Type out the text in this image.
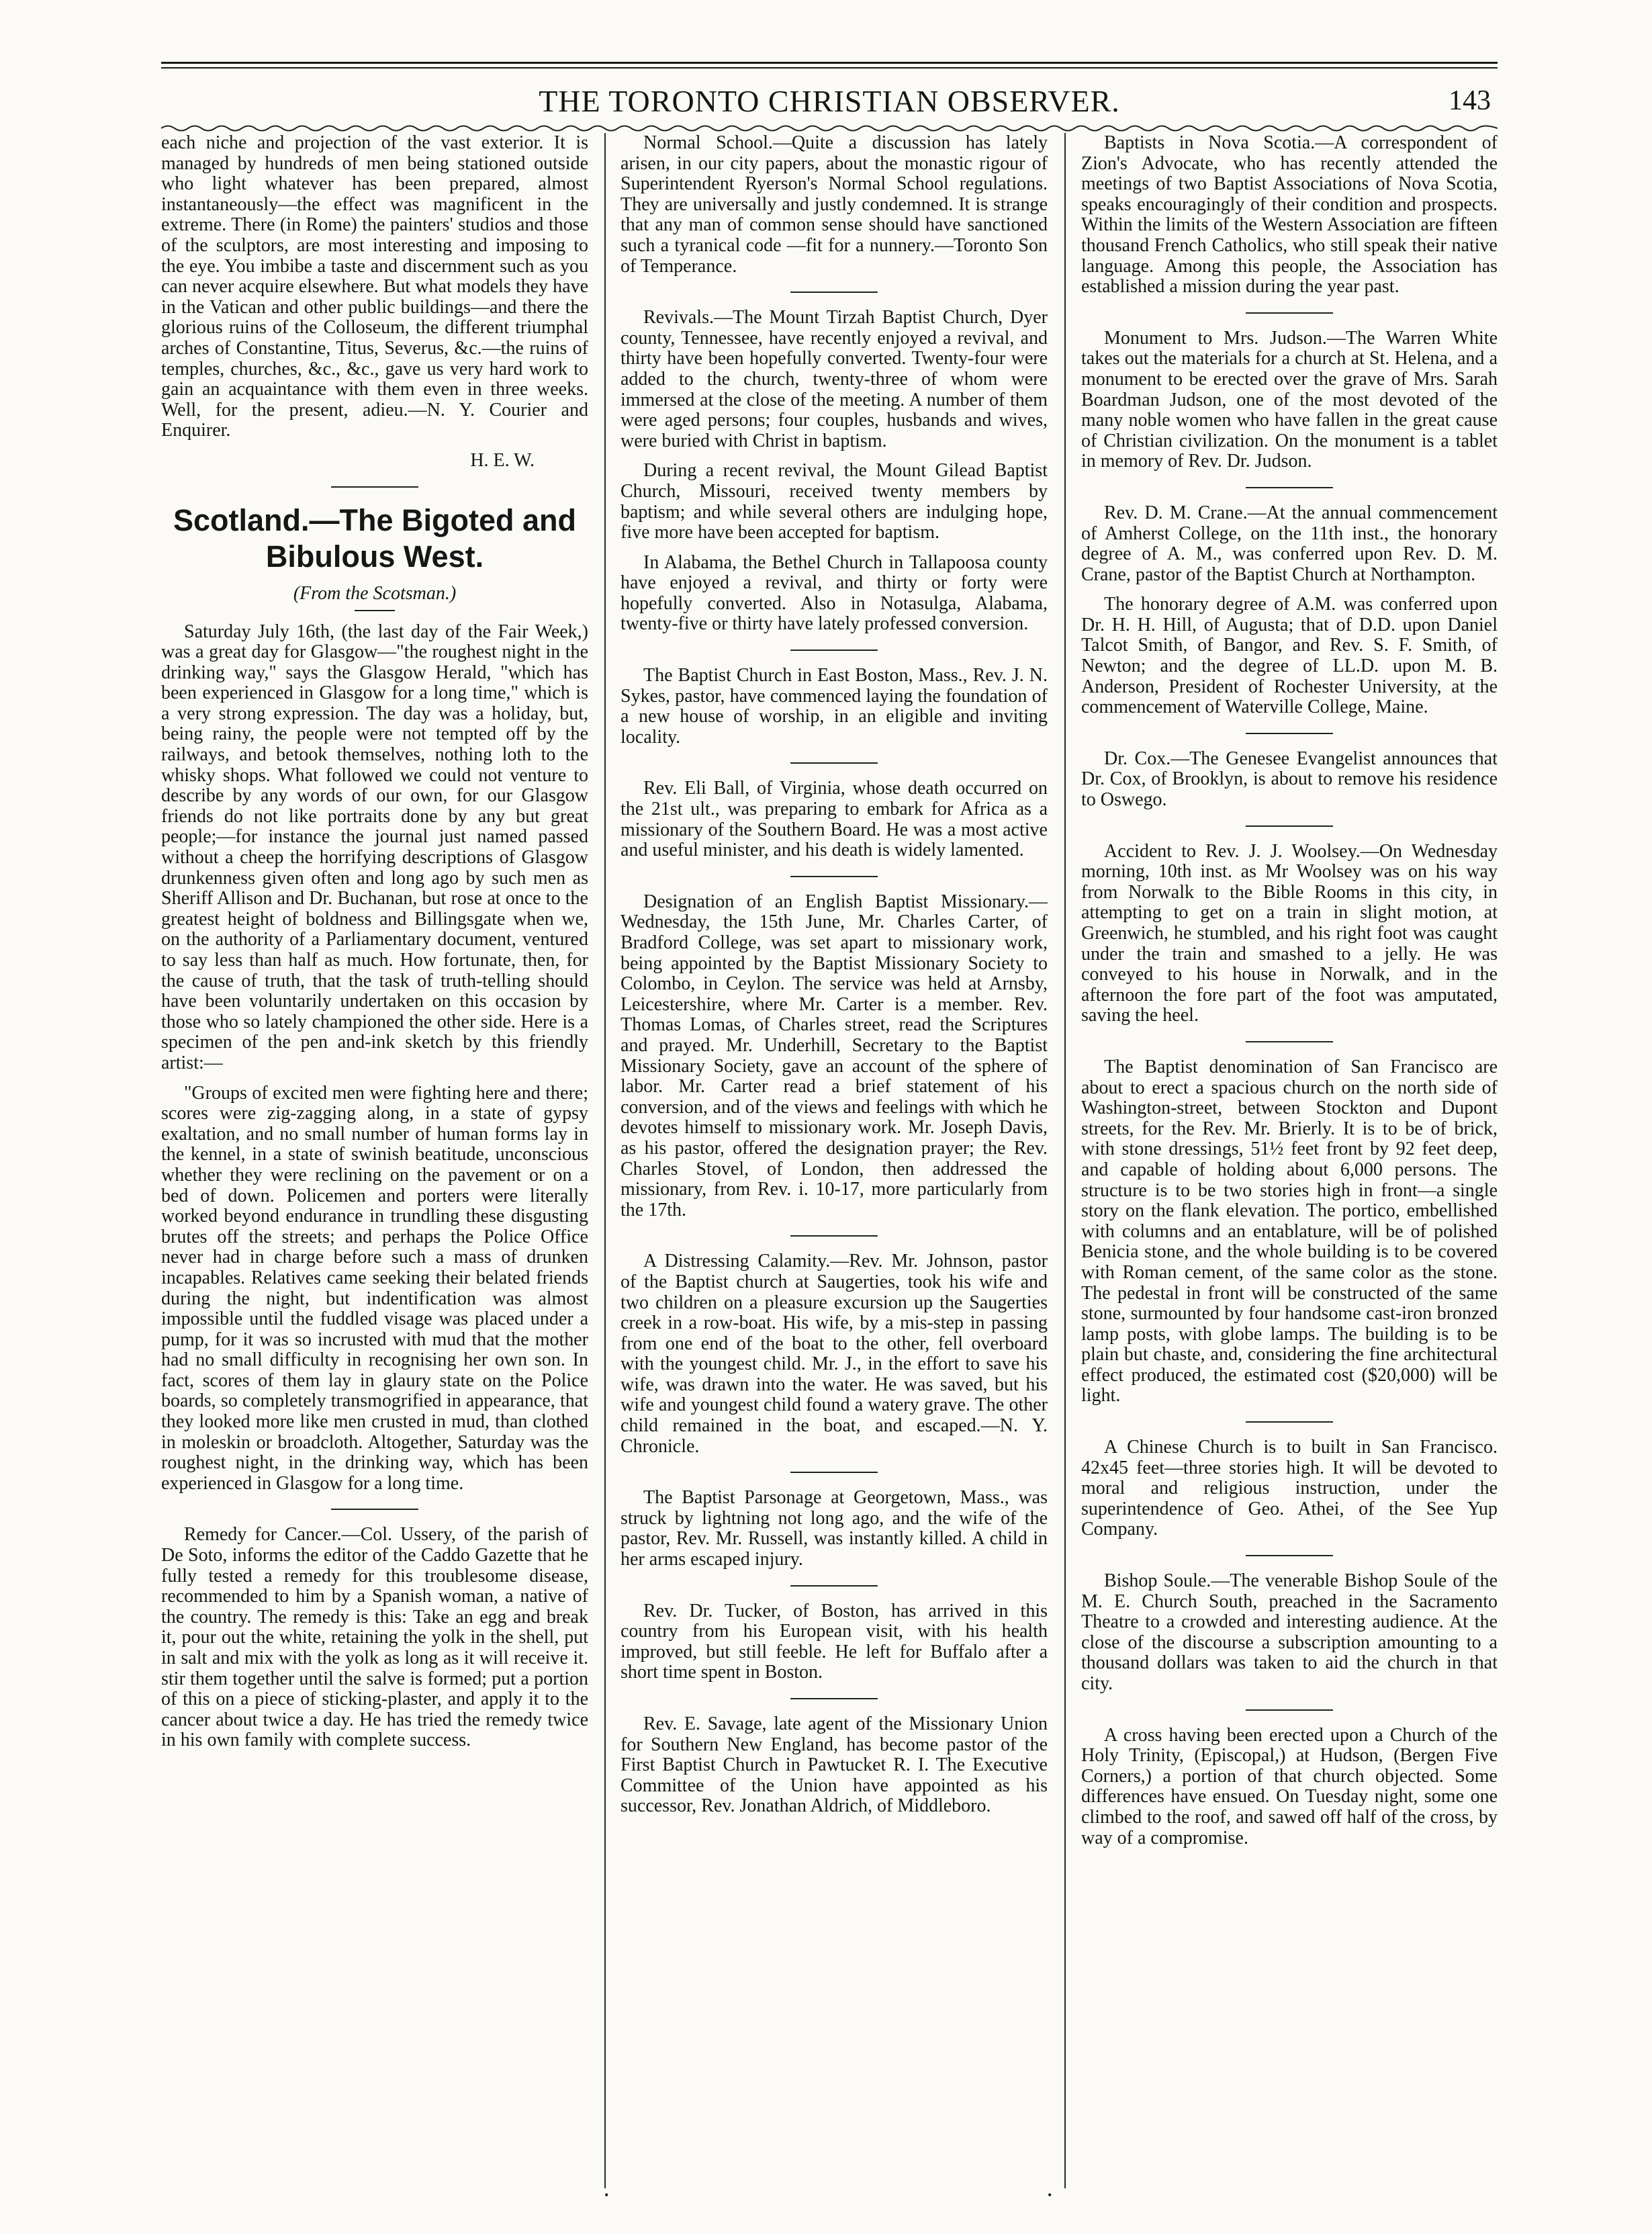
THE TORONTO CHRISTIAN OBSERVER.	143

each niche and projection of the vast exterior. It is managed by hundreds of men being stationed outside who light whatever has been prepared, almost instantaneously—the effect was magnificent in the extreme. There (in Rome) the painters' studios and those of the sculptors, are most interesting and imposing to the eye. You imbibe a taste and discernment such as you can never acquire elsewhere. But what models they have in the Vatican and other public buildings—and there the glorious ruins of the Colloseum, the different triumphal arches of Constantine, Titus, Severus, &c.—the ruins of temples, churches, &c., &c., gave us very hard work to gain an acquaintance with them even in three weeks. Well, for the present, adieu.—N. Y. Courier and Enquirer.

H. E. W.

Scotland.—The Bigoted and Bibulous West.
(From the Scotsman.)

Saturday July 16th, (the last day of the Fair Week,) was a great day for Glasgow—"the roughest night in the drinking way," says the Glasgow Herald, "which has been experienced in Glasgow for a long time," which is a very strong expression. The day was a holiday, but, being rainy, the people were not tempted off by the railways, and betook themselves, nothing loth to the whisky shops. What followed we could not venture to describe by any words of our own, for our Glasgow friends do not like portraits done by any but great people;—for instance the journal just named passed without a cheep the horrifying descriptions of Glasgow drunkenness given often and long ago by such men as Sheriff Allison and Dr. Buchanan, but rose at once to the greatest height of boldness and Billingsgate when we, on the authority of a Parliamentary document, ventured to say less than half as much. How fortunate, then, for the cause of truth, that the task of truth-telling should have been voluntarily undertaken on this occasion by those who so lately championed the other side. Here is a specimen of the pen and-ink sketch by this friendly artist:—

"Groups of excited men were fighting here and there; scores were zig-zagging along, in a state of gypsy exaltation, and no small number of human forms lay in the kennel, in a state of swinish beatitude, unconscious whether they were reclining on the pavement or on a bed of down. Policemen and porters were literally worked beyond endurance in trundling these disgusting brutes off the streets; and perhaps the Police Office never had in charge before such a mass of drunken incapables. Relatives came seeking their belated friends during the night, but indentification was almost impossible until the fuddled visage was placed under a pump, for it was so incrusted with mud that the mother had no small difficulty in recognising her own son. In fact, scores of them lay in glaury state on the Police boards, so completely transmogrified in appearance, that they looked more like men crusted in mud, than clothed in moleskin or broadcloth. Altogether, Saturday was the roughest night, in the drinking way, which has been experienced in Glasgow for a long time.

Remedy for Cancer.—Col. Ussery, of the parish of De Soto, informs the editor of the Caddo Gazette that he fully tested a remedy for this troublesome disease, recommended to him by a Spanish woman, a native of the country. The remedy is this: Take an egg and break it, pour out the white, retaining the yolk in the shell, put in salt and mix with the yolk as long as it will receive it. stir them together until the salve is formed; put a portion of this on a piece of sticking-plaster, and apply it to the cancer about twice a day. He has tried the remedy twice in his own family with complete success.

Normal School.—Quite a discussion has lately arisen, in our city papers, about the monastic rigour of Superintendent Ryerson's Normal School regulations. They are universally and justly condemned. It is strange that any man of common sense should have sanctioned such a tyranical code —fit for a nunnery.—Toronto Son of Temperance.

Revivals.—The Mount Tirzah Baptist Church, Dyer county, Tennessee, have recently enjoyed a revival, and thirty have been hopefully converted. Twenty-four were added to the church, twenty-three of whom were immersed at the close of the meeting. A number of them were aged persons; four couples, husbands and wives, were buried with Christ in baptism.

During a recent revival, the Mount Gilead Baptist Church, Missouri, received twenty members by baptism; and while several others are indulging hope, five more have been accepted for baptism.

In Alabama, the Bethel Church in Tallapoosa county have enjoyed a revival, and thirty or forty were hopefully converted. Also in Notasulga, Alabama, twenty-five or thirty have lately professed conversion.

The Baptist Church in East Boston, Mass., Rev. J. N. Sykes, pastor, have commenced laying the foundation of a new house of worship, in an eligible and inviting locality.

Rev. Eli Ball, of Virginia, whose death occurred on the 21st ult., was preparing to embark for Africa as a missionary of the Southern Board. He was a most active and useful minister, and his death is widely lamented.

Designation of an English Baptist Missionary.—Wednesday, the 15th June, Mr. Charles Carter, of Bradford College, was set apart to missionary work, being appointed by the Baptist Missionary Society to Colombo, in Ceylon. The service was held at Arnsby, Leicestershire, where Mr. Carter is a member. Rev. Thomas Lomas, of Charles street, read the Scriptures and prayed. Mr. Underhill, Secretary to the Baptist Missionary Society, gave an account of the sphere of labor. Mr. Carter read a brief statement of his conversion, and of the views and feelings with which he devotes himself to missionary work. Mr. Joseph Davis, as his pastor, offered the designation prayer; the Rev. Charles Stovel, of London, then addressed the missionary, from Rev. i. 10-17, more particularly from the 17th.

A Distressing Calamity.—Rev. Mr. Johnson, pastor of the Baptist church at Saugerties, took his wife and two children on a pleasure excursion up the Saugerties creek in a row-boat. His wife, by a mis-step in passing from one end of the boat to the other, fell overboard with the youngest child. Mr. J., in the effort to save his wife, was drawn into the water. He was saved, but his wife and youngest child found a watery grave. The other child remained in the boat, and escaped.—N. Y. Chronicle.

The Baptist Parsonage at Georgetown, Mass., was struck by lightning not long ago, and the wife of the pastor, Rev. Mr. Russell, was instantly killed. A child in her arms escaped injury.

Rev. Dr. Tucker, of Boston, has arrived in this country from his European visit, with his health improved, but still feeble. He left for Buffalo after a short time spent in Boston.

Rev. E. Savage, late agent of the Missionary Union for Southern New England, has become pastor of the First Baptist Church in Pawtucket R. I. The Executive Committee of the Union have appointed as his successor, Rev. Jonathan Aldrich, of Middleboro.

Baptists in Nova Scotia.—A correspondent of Zion's Advocate, who has recently attended the meetings of two Baptist Associations of Nova Scotia, speaks encouragingly of their condition and prospects. Within the limits of the Western Association are fifteen thousand French Catholics, who still speak their native language. Among this people, the Association has established a mission during the year past.

Monument to Mrs. Judson.—The Warren White takes out the materials for a church at St. Helena, and a monument to be erected over the grave of Mrs. Sarah Boardman Judson, one of the most devoted of the many noble women who have fallen in the great cause of Christian civilization. On the monument is a tablet in memory of Rev. Dr. Judson.

Rev. D. M. Crane.—At the annual commencement of Amherst College, on the 11th inst., the honorary degree of A. M., was conferred upon Rev. D. M. Crane, pastor of the Baptist Church at Northampton.

The honorary degree of A.M. was conferred upon Dr. H. H. Hill, of Augusta; that of D.D. upon Daniel Talcot Smith, of Bangor, and Rev. S. F. Smith, of Newton; and the degree of LL.D. upon M. B. Anderson, President of Rochester University, at the commencement of Waterville College, Maine.

Dr. Cox.—The Genesee Evangelist announces that Dr. Cox, of Brooklyn, is about to remove his residence to Oswego.

Accident to Rev. J. J. Woolsey.—On Wednesday morning, 10th inst. as Mr Woolsey was on his way from Norwalk to the Bible Rooms in this city, in attempting to get on a train in slight motion, at Greenwich, he stumbled, and his right foot was caught under the train and smashed to a jelly. He was conveyed to his house in Norwalk, and in the afternoon the fore part of the foot was amputated, saving the heel.

The Baptist denomination of San Francisco are about to erect a spacious church on the north side of Washington-street, between Stockton and Dupont streets, for the Rev. Mr. Brierly. It is to be of brick, with stone dressings, 51½ feet front by 92 feet deep, and capable of holding about 6,000 persons. The structure is to be two stories high in front—a single story on the flank elevation. The portico, embellished with columns and an entablature, will be of polished Benicia stone, and the whole building is to be covered with Roman cement, of the same color as the stone. The pedestal in front will be constructed of the same stone, surmounted by four handsome cast-iron bronzed lamp posts, with globe lamps. The building is to be plain but chaste, and, considering the fine architectural effect produced, the estimated cost ($20,000) will be light.

A Chinese Church is to built in San Francisco. 42x45 feet—three stories high. It will be devoted to moral and religious instruction, under the superintendence of Geo. Athei, of the See Yup Company.

Bishop Soule.—The venerable Bishop Soule of the M. E. Church South, preached in the Sacramento Theatre to a crowded and interesting audience. At the close of the discourse a subscription amounting to a thousand dollars was taken to aid the church in that city.

A cross having been erected upon a Church of the Holy Trinity, (Episcopal,) at Hudson, (Bergen Five Corners,) a portion of that church objected. Some differences have ensued. On Tuesday night, some one climbed to the roof, and sawed off half of the cross, by way of a compromise.

•	•
